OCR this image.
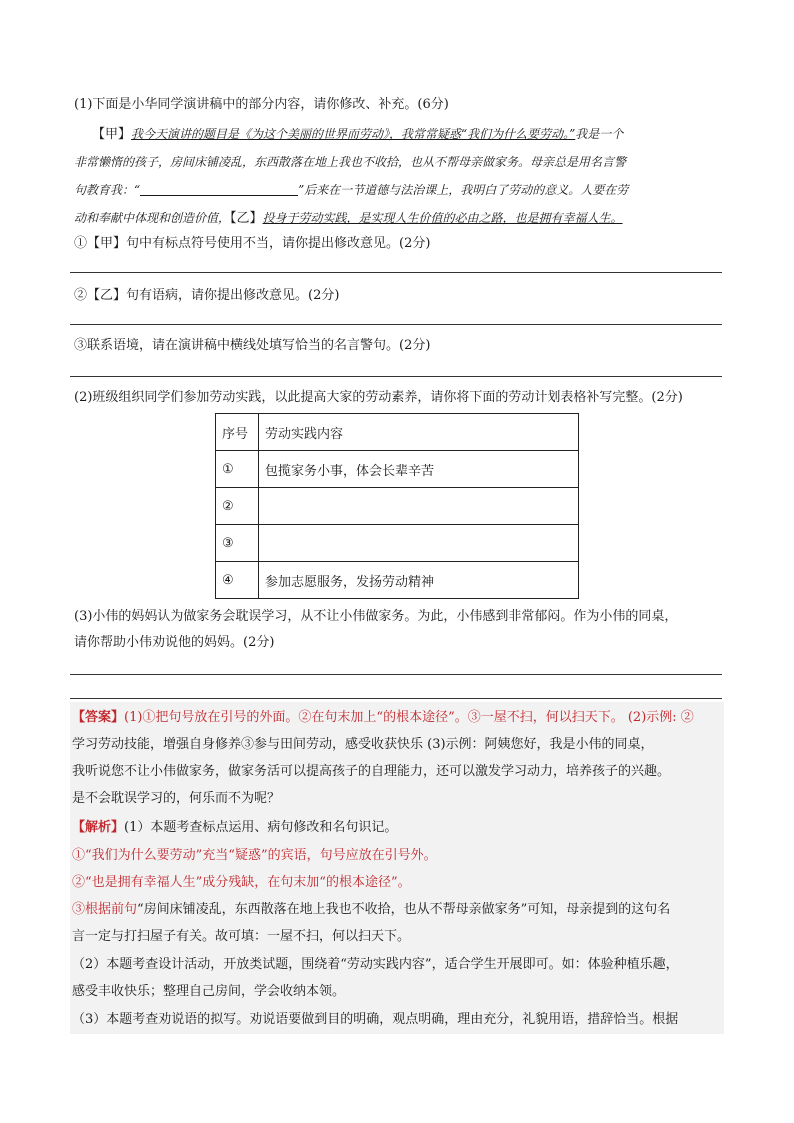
(1)下面是小华同学演讲稿中的部分内容，请你修改、补充。(6分)
【甲】我今天演讲的题目是《为这个美丽的世界而劳动》，我常常疑惑“我们为什么要劳动。”我是一个
非常懒惰的孩子，房间床铺凌乱，东西散落在地上我也不收拾，也从不帮母亲做家务。母亲总是用名言警
句教育我：“	”后来在一节道德与法治课上，我明白了劳动的意义。人要在劳
动和奉献中体现和创造价值，【乙】投身于劳动实践，是实现人生价值的必由之路，也是拥有幸福人生。
①【甲】句中有标点符号使用不当，请你提出修改意见。(2分)
②【乙】句有语病，请你提出修改意见。(2分)
③联系语境，请在演讲稿中横线处填写恰当的名言警句。(2分)
(2)班级组织同学们参加劳动实践，以此提高大家的劳动素养，请你将下面的劳动计划表格补写完整。(2分)
序号	劳动实践内容
①	包揽家务小事，体会长辈辛苦
②	
③	
④	参加志愿服务，发扬劳动精神
(3)小伟的妈妈认为做家务会耽误学习，从不让小伟做家务。为此，小伟感到非常郁闷。作为小伟的同桌，
请你帮助小伟劝说他的妈妈。(2分)
【答案】(1)①把句号放在引号的外面。②在句末加上“的根本途径”。③一屋不扫，何以扫天下。 (2)示例: ②
学习劳动技能，增强自身修养③参与田间劳动，感受收获快乐 (3)示例：阿姨您好，我是小伟的同桌，
我听说您不让小伟做家务，做家务活可以提高孩子的自理能力，还可以激发学习动力，培养孩子的兴趣。
是不会耽误学习的，何乐而不为呢？
【解析】(1）本题考查标点运用、病句修改和名句识记。
①“我们为什么要劳动”充当“疑惑”的宾语，句号应放在引号外。
②“也是拥有幸福人生”成分残缺，在句末加“的根本途径”。
③根据前句“房间床铺凌乱，东西散落在地上我也不收拾，也从不帮母亲做家务”可知，母亲提到的这句名
言一定与打扫屋子有关。故可填：一屋不扫，何以扫天下。
（2）本题考查设计活动，开放类试题，围绕着“劳动实践内容”，适合学生开展即可。如：体验种植乐趣，
感受丰收快乐；整理自己房间，学会收纳本领。
（3）本题考查劝说语的拟写。劝说语要做到目的明确，观点明确，理由充分，礼貌用语，措辞恰当。根据
